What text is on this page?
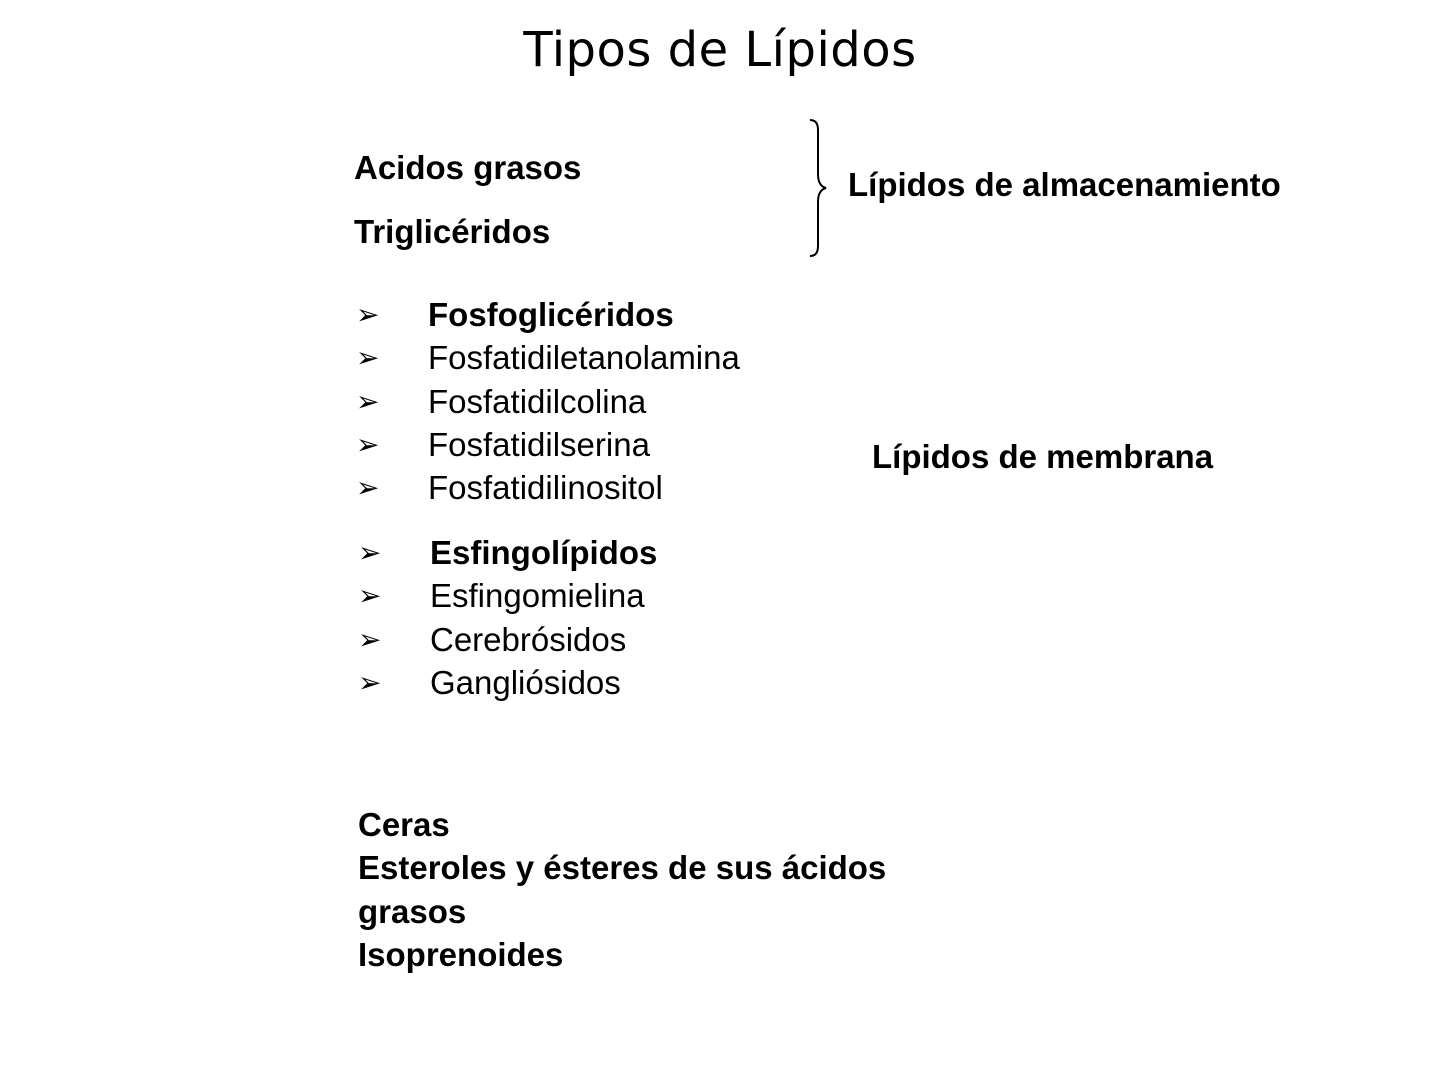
Tipos de Lípidos
Acidos grasos
Triglicéridos
Lípidos de almacenamiento
➢ Fosfoglicéridos
➢ Fosfatidiletanolamina
➢ Fosfatidilcolina
➢ Fosfatidilserina
➢ Fosfatidilinositol
Lípidos de membrana
➢ Esfingolípidos
➢ Esfingomielina
➢ Cerebrósidos
➢ Gangliósidos
Ceras
Esteroles y ésteres de sus ácidos grasos
Isoprenoides
